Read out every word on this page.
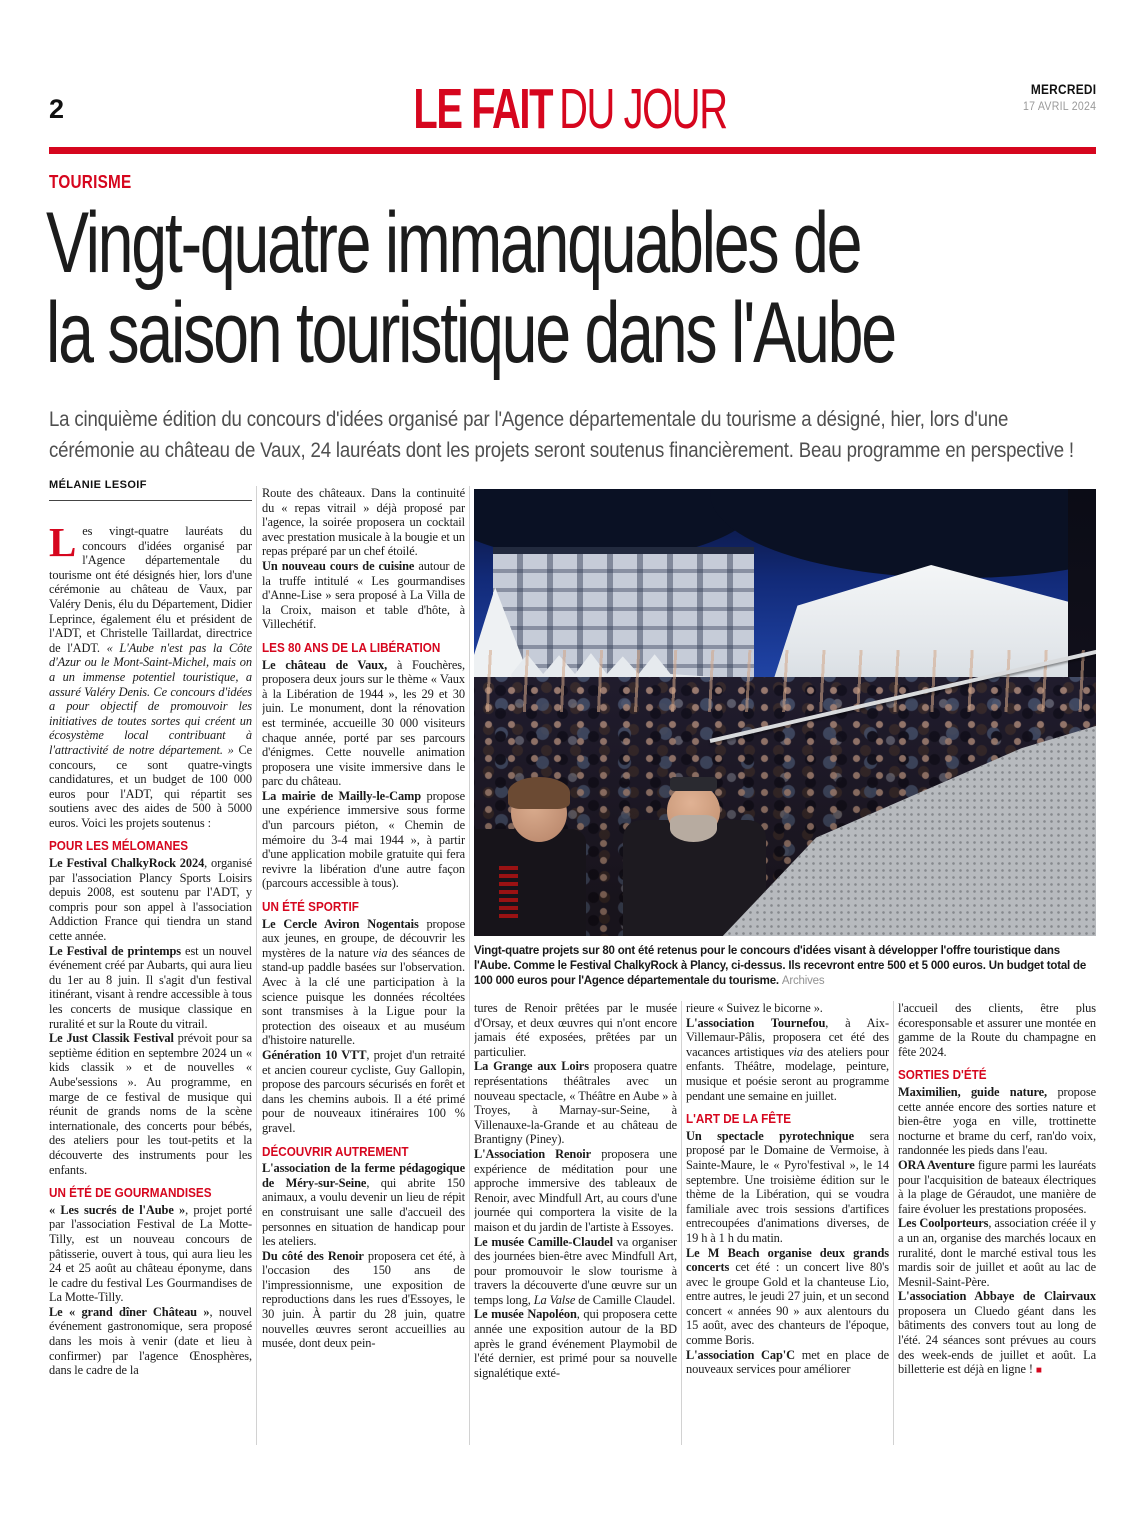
2	LE FAIT DU JOUR	MERCREDI
17 AVRIL 2024
TOURISME
Vingt-quatre immanquables de
la saison touristique dans l'Aube
La cinquième édition du concours d'idées organisé par l'Agence départementale du tourisme a désigné, hier, lors d'une cérémonie au château de Vaux, 24 lauréats dont les projets seront soutenus financièrement. Beau programme en perspective !
MÉLANIE LESOIF

Les vingt-quatre lauréats du concours d'idées organisé par l'Agence départementale du tourisme ont été désignés hier, lors d'une cérémonie au château de Vaux, par Valéry Denis, élu du Département, Didier Leprince, également élu et président de l'ADT, et Christelle Taillardat, directrice de l'ADT. « L'Aube n'est pas la Côte d'Azur ou le Mont-Saint-Michel, mais on a un immense potentiel touristique, a assuré Valéry Denis. Ce concours d'idées a pour objectif de promouvoir les initiatives de toutes sortes qui créent un écosystème local contribuant à l'attractivité de notre département. » Ce concours, ce sont quatre-vingts candidatures, et un budget de 100 000 euros pour l'ADT, qui répartit ses soutiens avec des aides de 500 à 5000 euros. Voici les projets soutenus :

POUR LES MÉLOMANES

Le Festival ChalkyRock 2024, organisé par l'association Plancy Sports Loisirs depuis 2008, est soutenu par l'ADT, y compris pour son appel à l'association Addiction France qui tiendra un stand cette année.

Le Festival de printemps est un nouvel événement créé par Aubarts, qui aura lieu du 1er au 8 juin. Il s'agit d'un festival itinérant, visant à rendre accessible à tous les concerts de musique classique en ruralité et sur la Route du vitrail.

Le Just Classik Festival prévoit pour sa septième édition en septembre 2024 un « kids classik » et de nouvelles « Aube'sessions ». Au programme, en marge de ce festival de musique qui réunit de grands noms de la scène internationale, des concerts pour bébés, des ateliers pour les tout-petits et la découverte des instruments pour les enfants.

UN ÉTÉ DE GOURMANDISES

« Les sucrés de l'Aube », projet porté par l'association Festival de La Motte-Tilly, est un nouveau concours de pâtisserie, ouvert à tous, qui aura lieu les 24 et 25 août au château éponyme, dans le cadre du festival Les Gourmandises de La Motte-Tilly.

Le « grand dîner Château », nouvel événement gastronomique, sera proposé dans les mois à venir (date et lieu à confirmer) par l'agence Œnosphères, dans le cadre de la

Route des châteaux. Dans la continuité du « repas vitrail » déjà proposé par l'agence, la soirée proposera un cocktail avec prestation musicale à la bougie et un repas préparé par un chef étoilé.

Un nouveau cours de cuisine autour de la truffe intitulé « Les gourmandises d'Anne-Lise » sera proposé à La Villa de la Croix, maison et table d'hôte, à Villechétif.

LES 80 ANS DE LA LIBÉRATION

Le château de Vaux, à Fouchères, proposera deux jours sur le thème « Vaux à la Libération de 1944 », les 29 et 30 juin. Le monument, dont la rénovation est terminée, accueille 30 000 visiteurs chaque année, porté par ses parcours d'énigmes. Cette nouvelle animation proposera une visite immersive dans le parc du château.

La mairie de Mailly-le-Camp propose une expérience immersive sous forme d'un parcours piéton, « Chemin de mémoire du 3-4 mai 1944 », à partir d'une application mobile gratuite qui fera revivre la libération d'une autre façon (parcours accessible à tous).

UN ÉTÉ SPORTIF

Le Cercle Aviron Nogentais propose aux jeunes, en groupe, de découvrir les mystères de la nature via des séances de stand-up paddle basées sur l'observation. Avec à la clé une participation à la science puisque les données récoltées sont transmises à la Ligue pour la protection des oiseaux et au muséum d'histoire naturelle.

Génération 10 VTT, projet d'un retraité et ancien coureur cycliste, Guy Gallopin, propose des parcours sécurisés en forêt et dans les chemins aubois. Il a été primé pour de nouveaux itinéraires 100 % gravel.

DÉCOUVRIR AUTREMENT

L'association de la ferme pédagogique de Méry-sur-Seine, qui abrite 150 animaux, a voulu devenir un lieu de répit en construisant une salle d'accueil des personnes en situation de handicap pour les ateliers.

Du côté des Renoir proposera cet été, à l'occasion des 150 ans de l'impressionnisme, une exposition de reproductions dans les rues d'Essoyes, le 30 juin. À partir du 28 juin, quatre nouvelles œuvres seront accueillies au musée, dont deux pein-

tures de Renoir prêtées par le musée d'Orsay, et deux œuvres qui n'ont encore jamais été exposées, prêtées par un particulier.

La Grange aux Loirs proposera quatre représentations théâtrales avec un nouveau spectacle, « Théâtre en Aube » à Troyes, à Marnay-sur-Seine, à Villenauxe-la-Grande et au château de Brantigny (Piney).

L'Association Renoir proposera une expérience de méditation pour une approche immersive des tableaux de Renoir, avec Mindfull Art, au cours d'une journée qui comportera la visite de la maison et du jardin de l'artiste à Essoyes.

Le musée Camille-Claudel va organiser des journées bien-être avec Mindfull Art, pour promouvoir le slow tourisme à travers la découverte d'une œuvre sur un temps long, La Valse de Camille Claudel.

Le musée Napoléon, qui proposera cette année une exposition autour de la BD après le grand événement Playmobil de l'été dernier, est primé pour sa nouvelle signalétique exté-

rieure « Suivez le bicorne ».

L'association Tournefou, à Aix-Villemaur-Pâlis, proposera cet été des vacances artistiques via des ateliers pour enfants. Théâtre, modelage, peinture, musique et poésie seront au programme pendant une semaine en juillet.

L'ART DE LA FÊTE

Un spectacle pyrotechnique sera proposé par le Domaine de Vermoise, à Sainte-Maure, le « Pyro'festival », le 14 septembre. Une troisième édition sur le thème de la Libération, qui se voudra familiale avec trois sessions d'artifices entrecoupées d'animations diverses, de 19 h à 1 h du matin.

Le M Beach organise deux grands concerts cet été : un concert live 80's avec le groupe Gold et la chanteuse Lio, entre autres, le jeudi 27 juin, et un second concert « années 90 » aux alentours du 15 août, avec des chanteurs de l'époque, comme Boris.

L'association Cap'C met en place de nouveaux services pour améliorer

l'accueil des clients, être plus écoresponsable et assurer une montée en gamme de la Route du champagne en fête 2024.

SORTIES D'ÉTÉ

Maximilien, guide nature, propose cette année encore des sorties nature et bien-être yoga en ville, trottinette nocturne et brame du cerf, ran'do voix, randonnée les pieds dans l'eau.

ORA Aventure figure parmi les lauréats pour l'acquisition de bateaux électriques à la plage de Géraudot, une manière de faire évoluer les prestations proposées.

Les Coolporteurs, association créée il y a un an, organise des marchés locaux en ruralité, dont le marché estival tous les mardis soir de juillet et août au lac de Mesnil-Saint-Père.

L'association Abbaye de Clairvaux proposera un Cluedo géant dans les bâtiments des convers tout au long de l'été. 24 séances sont prévues au cours des week-ends de juillet et août. La billetterie est déjà en ligne ! ■

Vingt-quatre projets sur 80 ont été retenus pour le concours d'idées visant à développer l'offre touristique dans l'Aube. Comme le Festival ChalkyRock à Plancy, ci-dessus. Ils recevront entre 500 et 5 000 euros. Un budget total de 100 000 euros pour l'Agence départementale du tourisme. Archives
